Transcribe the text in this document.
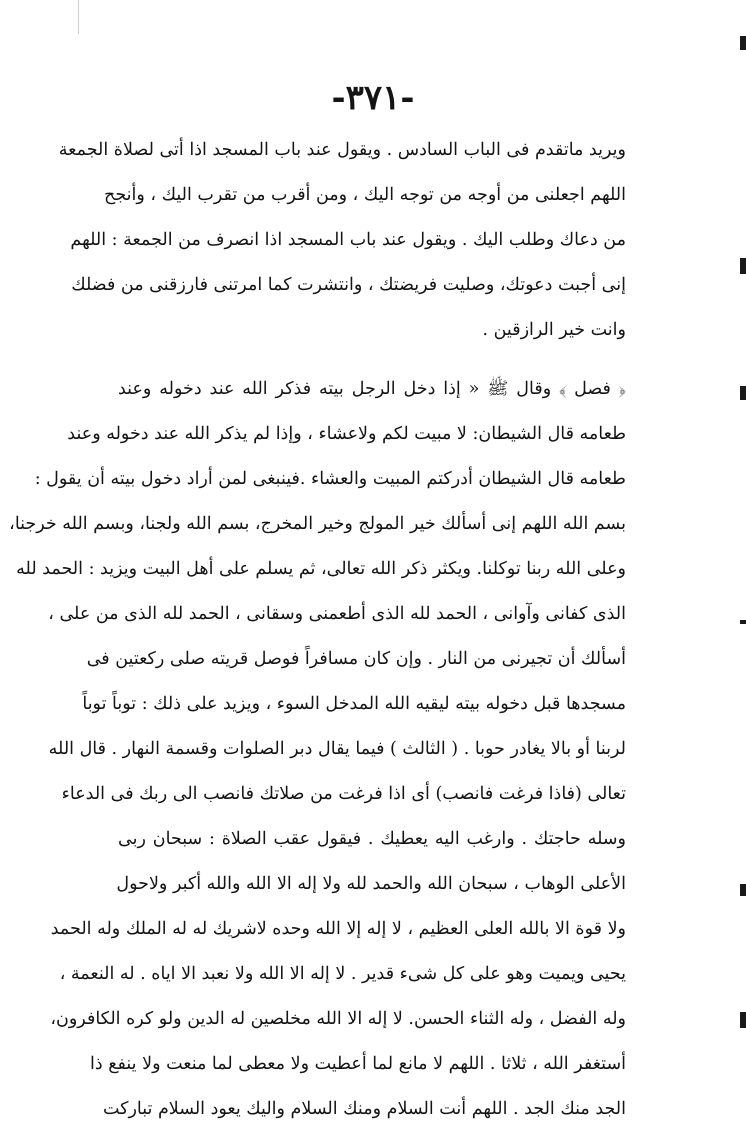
-٣٧١-
ويريد ماتقدم فى الباب السادس . ويقول عند باب المسجد اذا أتى لصلاة الجمعة
اللهم اجعلنى من أوجه من توجه اليك ، ومن أقرب من تقرب اليك ، وأنجح
من دعاك وطلب اليك . ويقول عند باب المسجد اذا انصرف من الجمعة : اللهم
إنى أجبت دعوتك، وصليت فريضتك ، وانتشرت كما امرتنى فارزقنى من فضلك
وانت خير الرازقين .
﴿ فصل ﴾ وقال ﷺ « إذا دخل الرجل بيته فذكر الله عند دخوله وعند
طعامه قال الشيطان: لا مبيت لكم ولاعشاء ، وإذا لم يذكر الله عند دخوله وعند
طعامه قال الشيطان أدركتم المبيت والعشاء .فينبغى لمن أراد دخول بيته أن يقول :
بسم الله اللهم إنى أسألك خير المولج وخير المخرج، بسم الله ولجنا، وبسم الله خرجنا،
وعلى الله ربنا توكلنا. ويكثر ذكر الله تعالى، ثم يسلم على أهل البيت ويزيد : الحمد لله
الذى كفانى وآوانى ، الحمد لله الذى أطعمنى وسقانى ، الحمد لله الذى من على ،
أسألك أن تجيرنى من النار . وإن كان مسافراً فوصل قريته صلى ركعتين فى
مسجدها قبل دخوله بيته ليقيه الله المدخل السوء ، ويزيد على ذلك : توباً توباً
لربنا أو بالا يغادر حوبا . ( الثالث ) فيما يقال دبر الصلوات وقسمة النهار . قال الله
تعالى (فاذا فرغت فانصب) أى اذا فرغت من صلاتك فانصب الى ربك فى الدعاء
وسله حاجتك . وارغب اليه يعطيك . فيقول عقب الصلاة : سبحان ربى
الأعلى الوهاب ، سبحان الله والحمد لله ولا إله الا الله والله أكبر ولاحول
ولا قوة الا بالله العلى العظيم ، لا إله إلا الله وحده لاشريك له له الملك وله الحمد
يحيى ويميت وهو على كل شىء قدير . لا إله الا الله ولا نعبد الا اياه . له النعمة ،
وله الفضل ، وله الثناء الحسن. لا إله الا الله مخلصين له الدين ولو كره الكافرون،
أستغفر الله ، ثلاثا . اللهم لا مانع لما أعطيت ولا معطى لما منعت ولا ينفع ذا
الجد منك الجد . اللهم أنت السلام ومنك السلام واليك يعود السلام تباركت
